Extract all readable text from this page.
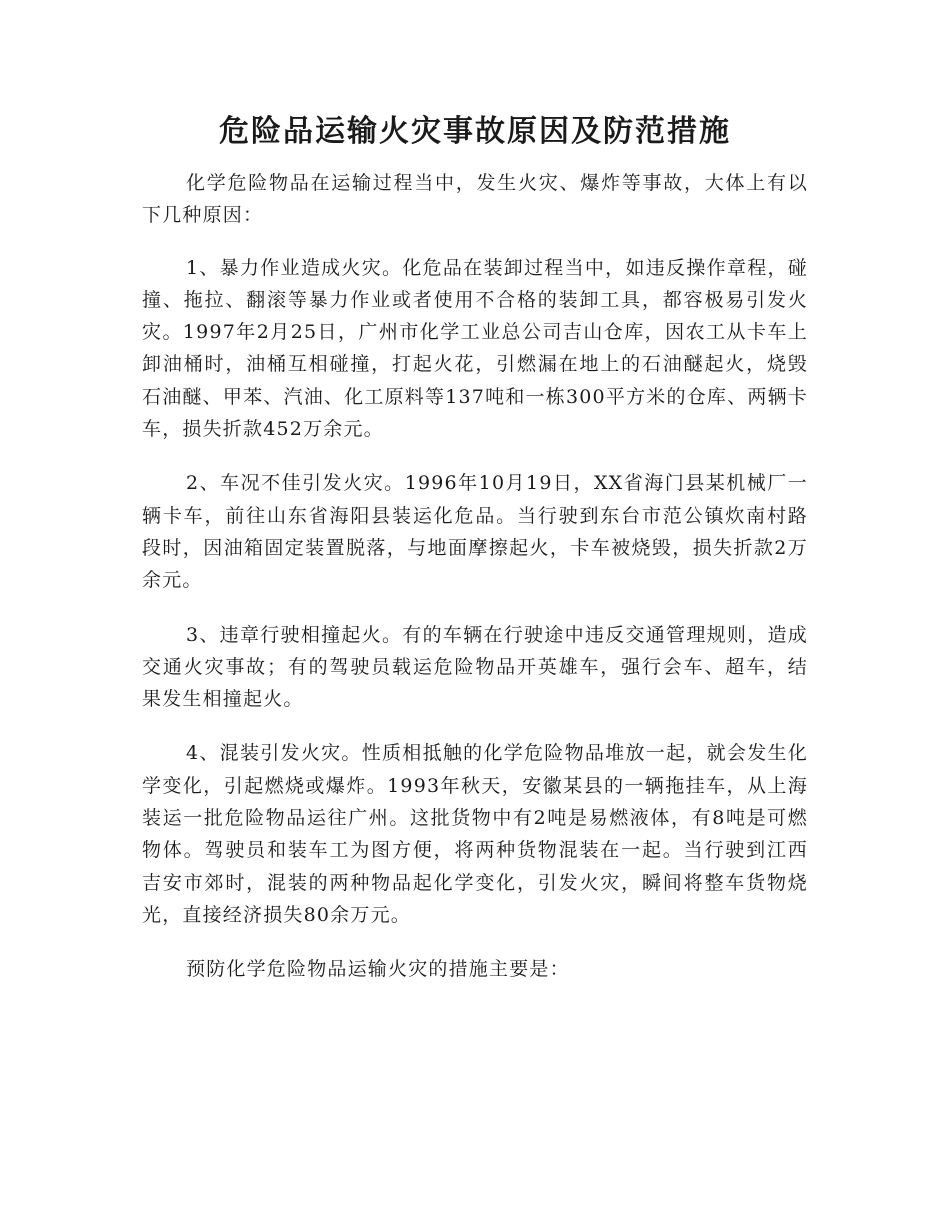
危险品运输火灾事故原因及防范措施

化学危险物品在运输过程当中，发生火灾、爆炸等事故，大体上有以下几种原因：

1、暴力作业造成火灾。化危品在装卸过程当中，如违反操作章程，碰撞、拖拉、翻滚等暴力作业或者使用不合格的装卸工具，都容极易引发火灾。1997年2月25日，广州市化学工业总公司吉山仓库，因农工从卡车上卸油桶时，油桶互相碰撞，打起火花，引燃漏在地上的石油醚起火，烧毁石油醚、甲苯、汽油、化工原料等137吨和一栋300平方米的仓库、两辆卡车，损失折款452万余元。

2、车况不佳引发火灾。1996年10月19日，XX省海门县某机械厂一辆卡车，前往山东省海阳县装运化危品。当行驶到东台市范公镇炊南村路段时，因油箱固定装置脱落，与地面摩擦起火，卡车被烧毁，损失折款2万余元。

3、违章行驶相撞起火。有的车辆在行驶途中违反交通管理规则，造成交通火灾事故；有的驾驶员载运危险物品开英雄车，强行会车、超车，结果发生相撞起火。

4、混装引发火灾。性质相抵触的化学危险物品堆放一起，就会发生化学变化，引起燃烧或爆炸。1993年秋天，安徽某县的一辆拖挂车，从上海装运一批危险物品运往广州。这批货物中有2吨是易燃液体，有8吨是可燃物体。驾驶员和装车工为图方便，将两种货物混装在一起。当行驶到江西吉安市郊时，混装的两种物品起化学变化，引发火灾，瞬间将整车货物烧光，直接经济损失80余万元。

预防化学危险物品运输火灾的措施主要是：
